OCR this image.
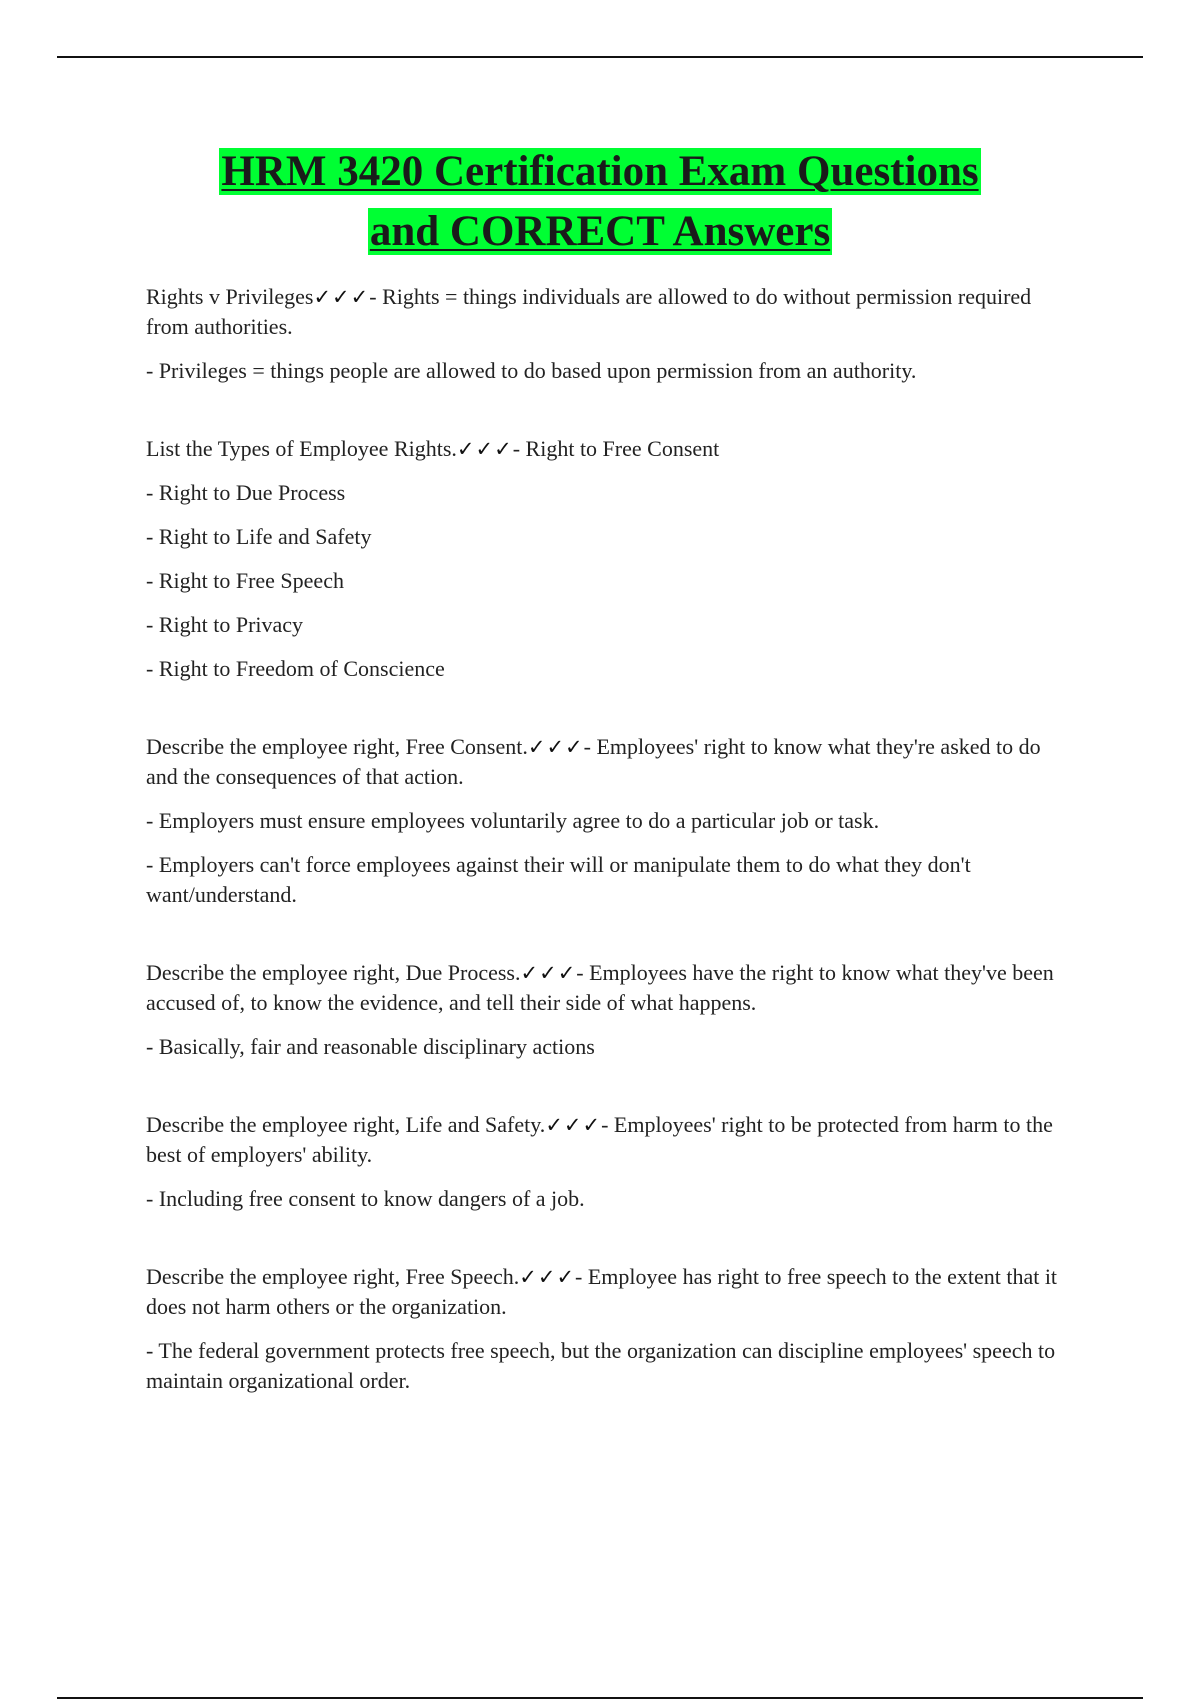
HRM 3420 Certification Exam Questions
and CORRECT Answers

Rights v Privileges✓✓✓- Rights = things individuals are allowed to do without permission required from authorities.

- Privileges = things people are allowed to do based upon permission from an authority.

List the Types of Employee Rights.✓✓✓- Right to Free Consent

- Right to Due Process

- Right to Life and Safety

- Right to Free Speech

- Right to Privacy

- Right to Freedom of Conscience

Describe the employee right, Free Consent.✓✓✓- Employees' right to know what they're asked to do and the consequences of that action.

- Employers must ensure employees voluntarily agree to do a particular job or task.

- Employers can't force employees against their will or manipulate them to do what they don't want/understand.

Describe the employee right, Due Process.✓✓✓- Employees have the right to know what they've been accused of, to know the evidence, and tell their side of what happens.

- Basically, fair and reasonable disciplinary actions

Describe the employee right, Life and Safety.✓✓✓- Employees' right to be protected from harm to the best of employers' ability.

- Including free consent to know dangers of a job.

Describe the employee right, Free Speech.✓✓✓- Employee has right to free speech to the extent that it does not harm others or the organization.

- The federal government protects free speech, but the organization can discipline employees' speech to maintain organizational order.
